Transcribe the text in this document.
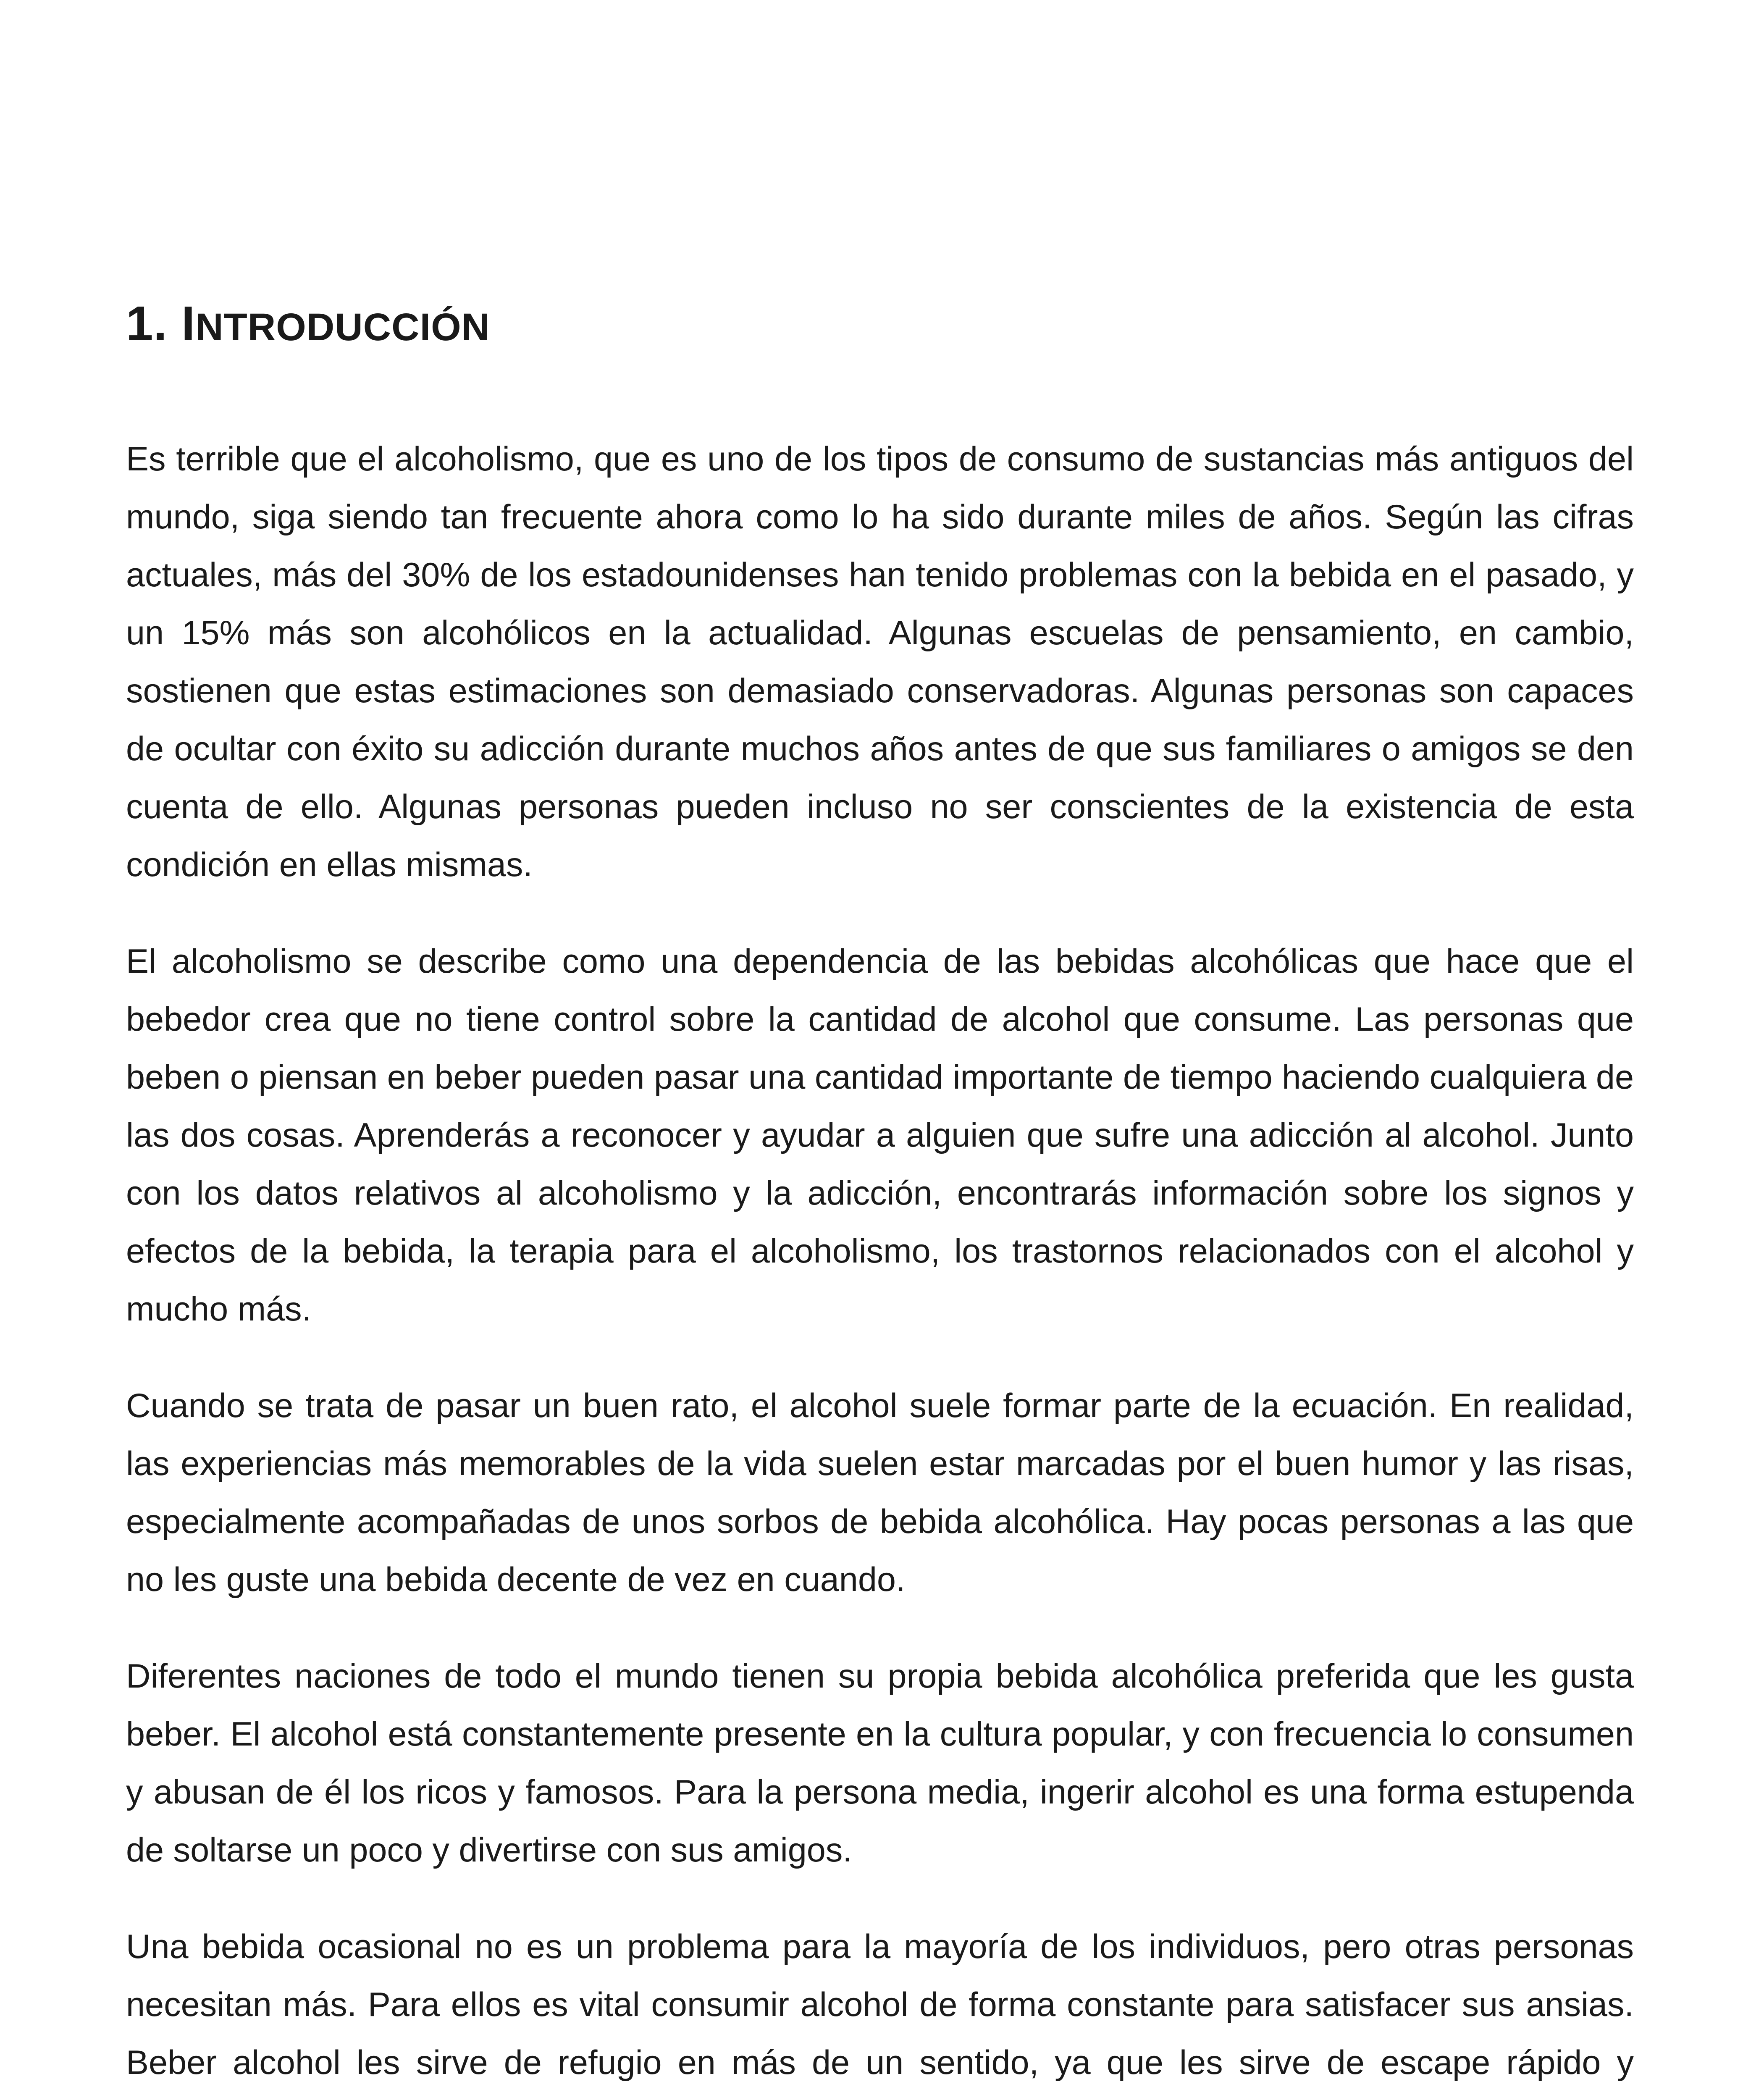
1. INTRODUCCIÓN

Es terrible que el alcoholismo, que es uno de los tipos de consumo de sustancias más antiguos del mundo, siga siendo tan frecuente ahora como lo ha sido durante miles de años. Según las cifras actuales, más del 30% de los estadounidenses han tenido problemas con la bebida en el pasado, y un 15% más son alcohólicos en la actualidad. Algunas escuelas de pensamiento, en cambio, sostienen que estas estimaciones son demasiado conservadoras. Algunas personas son capaces de ocultar con éxito su adicción durante muchos años antes de que sus familiares o amigos se den cuenta de ello. Algunas personas pueden incluso no ser conscientes de la existencia de esta condición en ellas mismas.

El alcoholismo se describe como una dependencia de las bebidas alcohólicas que hace que el bebedor crea que no tiene control sobre la cantidad de alcohol que consume. Las personas que beben o piensan en beber pueden pasar una cantidad importante de tiempo haciendo cualquiera de las dos cosas. Aprenderás a reconocer y ayudar a alguien que sufre una adicción al alcohol. Junto con los datos relativos al alcoholismo y la adicción, encontrarás información sobre los signos y efectos de la bebida, la terapia para el alcoholismo, los trastornos relacionados con el alcohol y mucho más.

Cuando se trata de pasar un buen rato, el alcohol suele formar parte de la ecuación. En realidad, las experiencias más memorables de la vida suelen estar marcadas por el buen humor y las risas, especialmente acompañadas de unos sorbos de bebida alcohólica. Hay pocas personas a las que no les guste una bebida decente de vez en cuando.

Diferentes naciones de todo el mundo tienen su propia bebida alcohólica preferida que les gusta beber. El alcohol está constantemente presente en la cultura popular, y con frecuencia lo consumen y abusan de él los ricos y famosos. Para la persona media, ingerir alcohol es una forma estupenda de soltarse un poco y divertirse con sus amigos.

Una bebida ocasional no es un problema para la mayoría de los individuos, pero otras personas necesitan más. Para ellos es vital consumir alcohol de forma constante para satisfacer sus ansias. Beber alcohol les sirve de refugio en más de un sentido, ya que les sirve de escape rápido y
